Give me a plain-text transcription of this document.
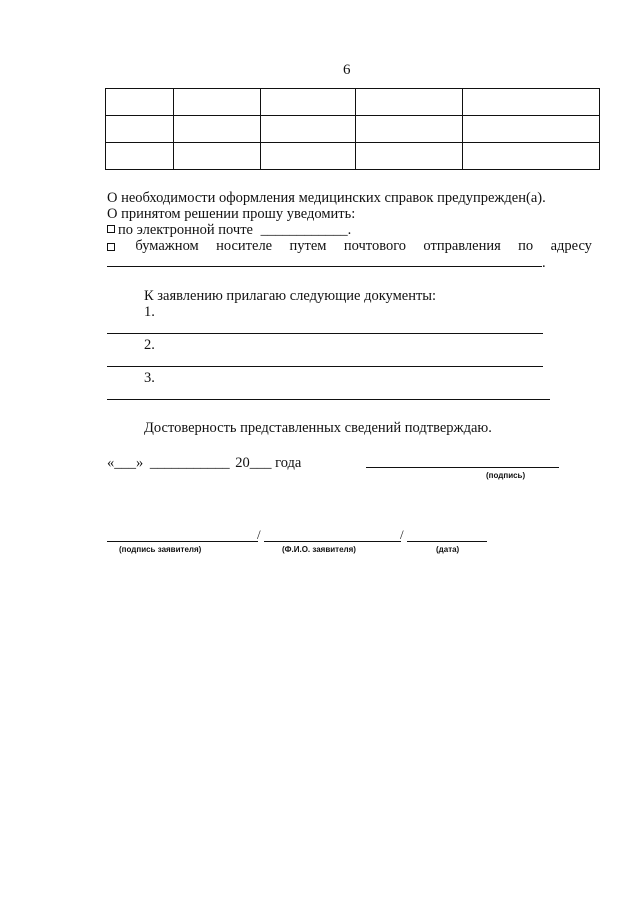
6

О необходимости оформления медицинских справок предупрежден(а).
О принятом решении прошу уведомить:
по электронной почте ____________.
бумажном носителе путем почтового отправления по адресу
.
К заявлению прилагаю следующие документы:
1.
2.
3.
Достоверность представленных сведений подтверждаю.
«___» ___________ 20___ года
(подпись)
/	/
(подпись заявителя)	(Ф.И.О. заявителя)	(дата)
